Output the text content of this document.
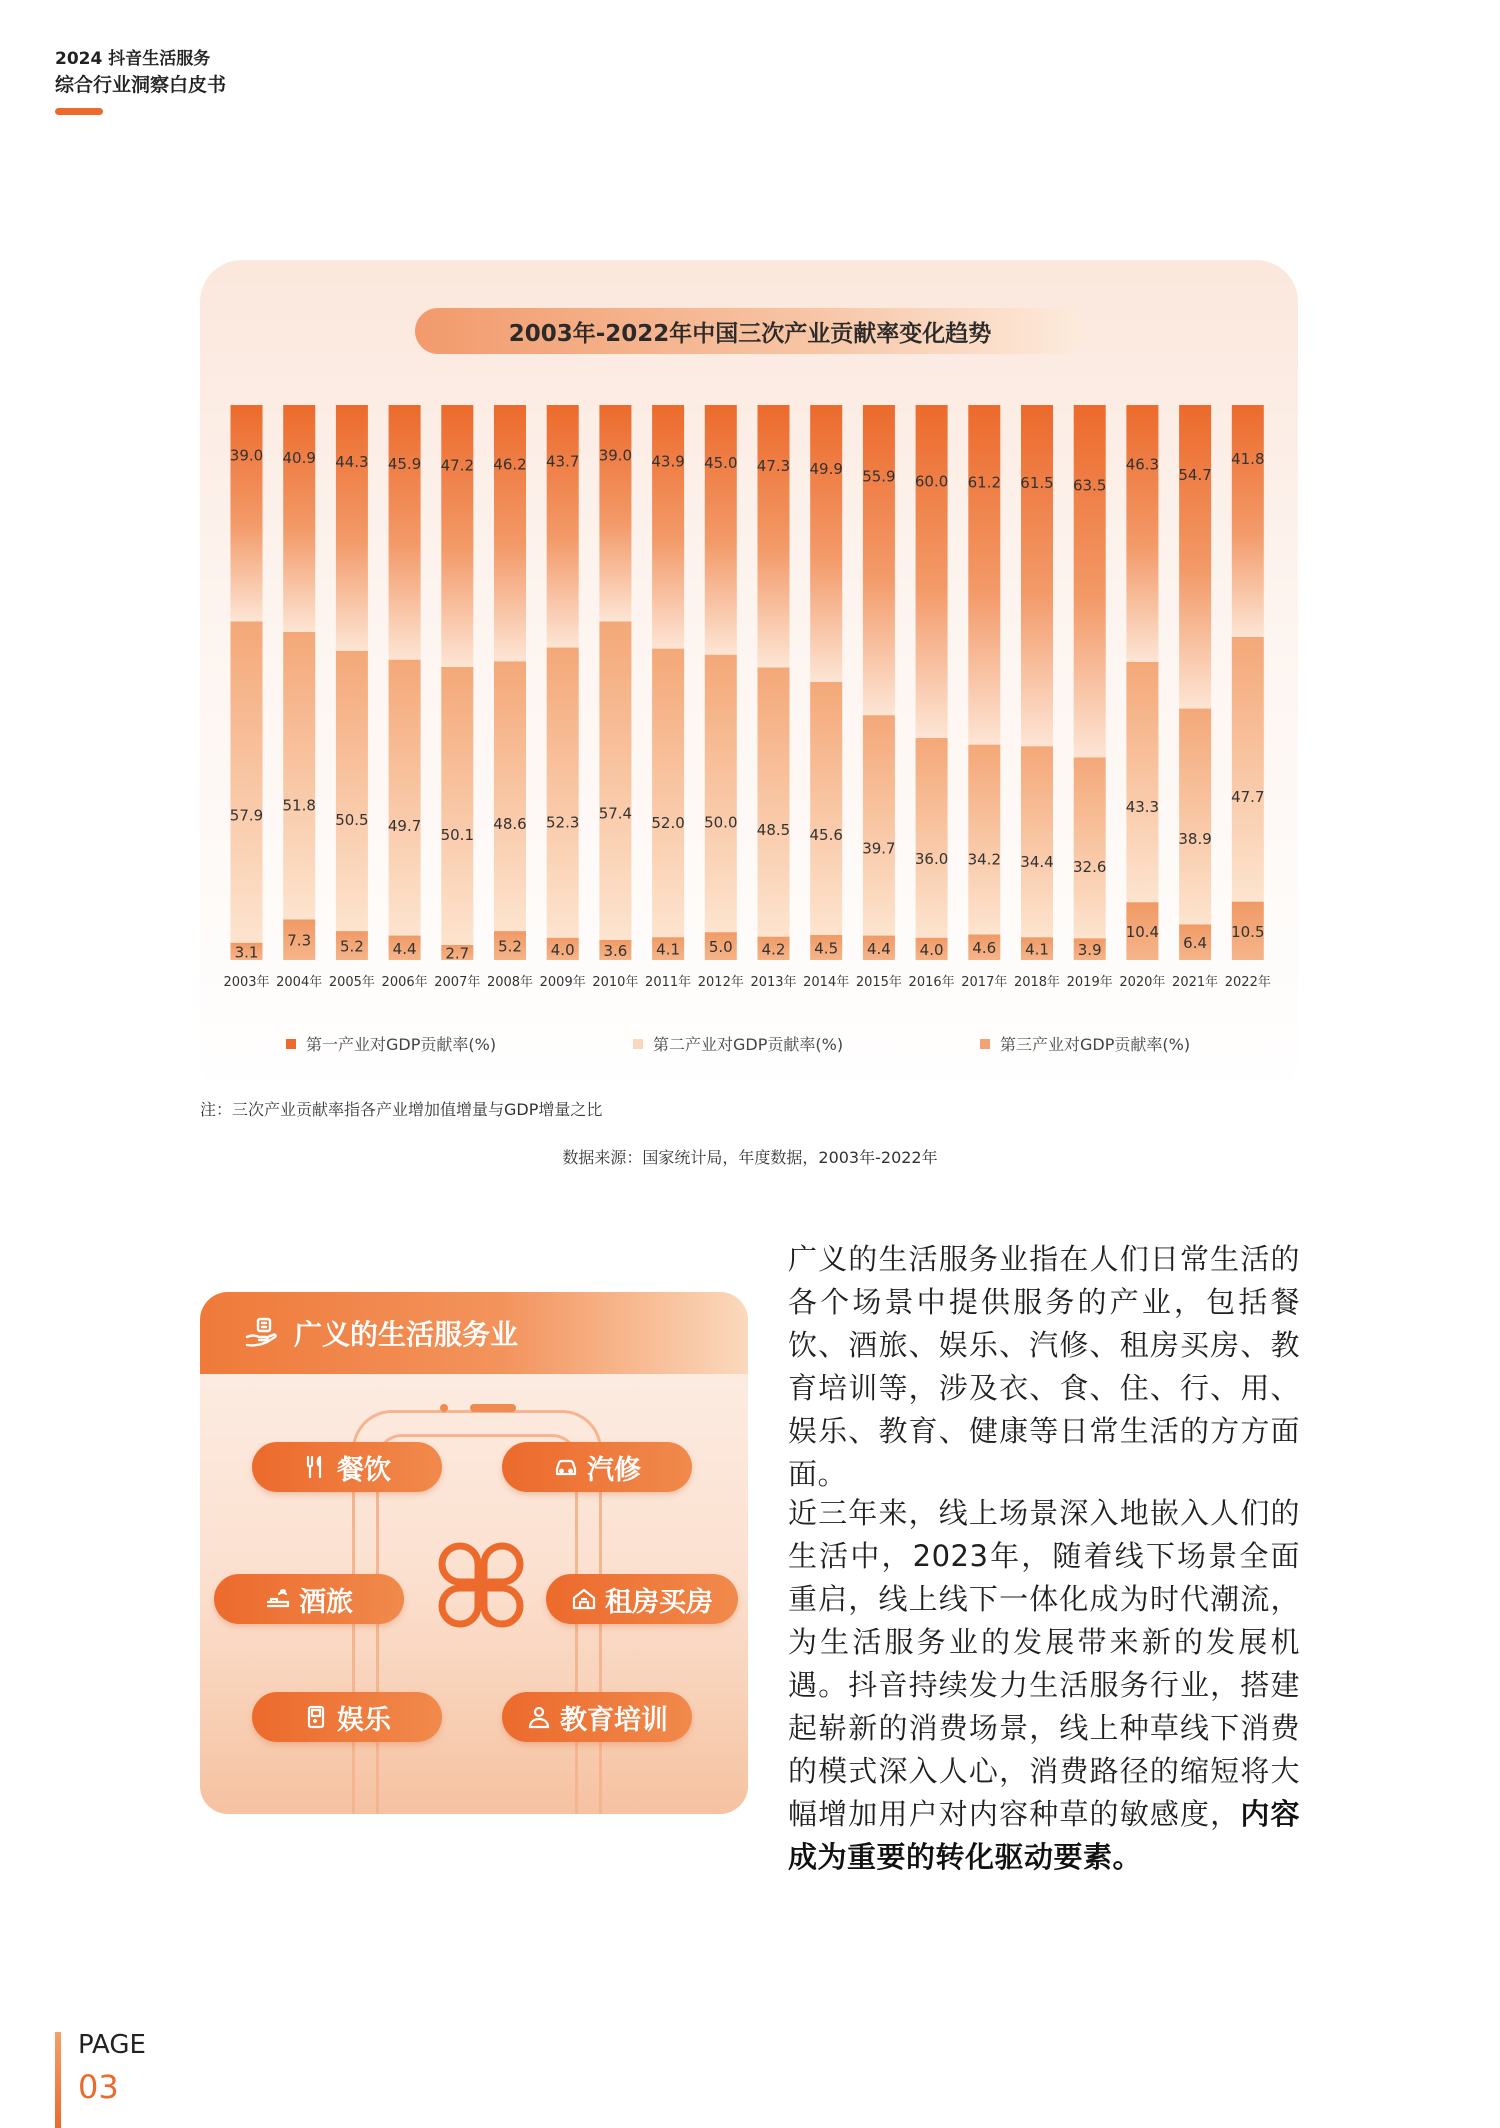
2024 抖音生活服务
综合行业洞察白皮书
2003年-2022年中国三次产业贡献率变化趋势
39.0
57.9
3.1
2003年
40.9
51.8
7.3
2004年
44.3
50.5
5.2
2005年
45.9
49.7
4.4
2006年
47.2
50.1
2.7
2007年
46.2
48.6
5.2
2008年
43.7
52.3
4.0
2009年
39.0
57.4
3.6
2010年
43.9
52.0
4.1
2011年
45.0
50.0
5.0
2012年
47.3
48.5
4.2
2013年
49.9
45.6
4.5
2014年
55.9
39.7
4.4
2015年
60.0
36.0
4.0
2016年
61.2
34.2
4.6
2017年
61.5
34.4
4.1
2018年
63.5
32.6
3.9
2019年
46.3
43.3
10.4
2020年
54.7
38.9
6.4
2021年
41.8
47.7
10.5
2022年
第一产业对GDP贡献率(%)	第二产业对GDP贡献率(%)	第三产业对GDP贡献率(%)
注：三次产业贡献率指各产业增加值增量与GDP增量之比
数据来源：国家统计局，年度数据，2003年-2022年
广义的生活服务业
餐饮	汽修
酒旅	租房买房
娱乐	教育培训
广义的生活服务业指在人们日常生活的各个场景中提供服务的产业，包括餐饮、酒旅、娱乐、汽修、租房买房、教育培训等，涉及衣、食、住、行、用、娱乐、教育、健康等日常生活的方方面面。
近三年来，线上场景深入地嵌入人们的生活中，2023年，随着线下场景全面重启，线上线下一体化成为时代潮流，为生活服务业的发展带来新的发展机遇。抖音持续发力生活服务行业，搭建起崭新的消费场景，线上种草线下消费的模式深入人心，消费路径的缩短将大幅增加用户对内容种草的敏感度，内容成为重要的转化驱动要素。
PAGE
03
